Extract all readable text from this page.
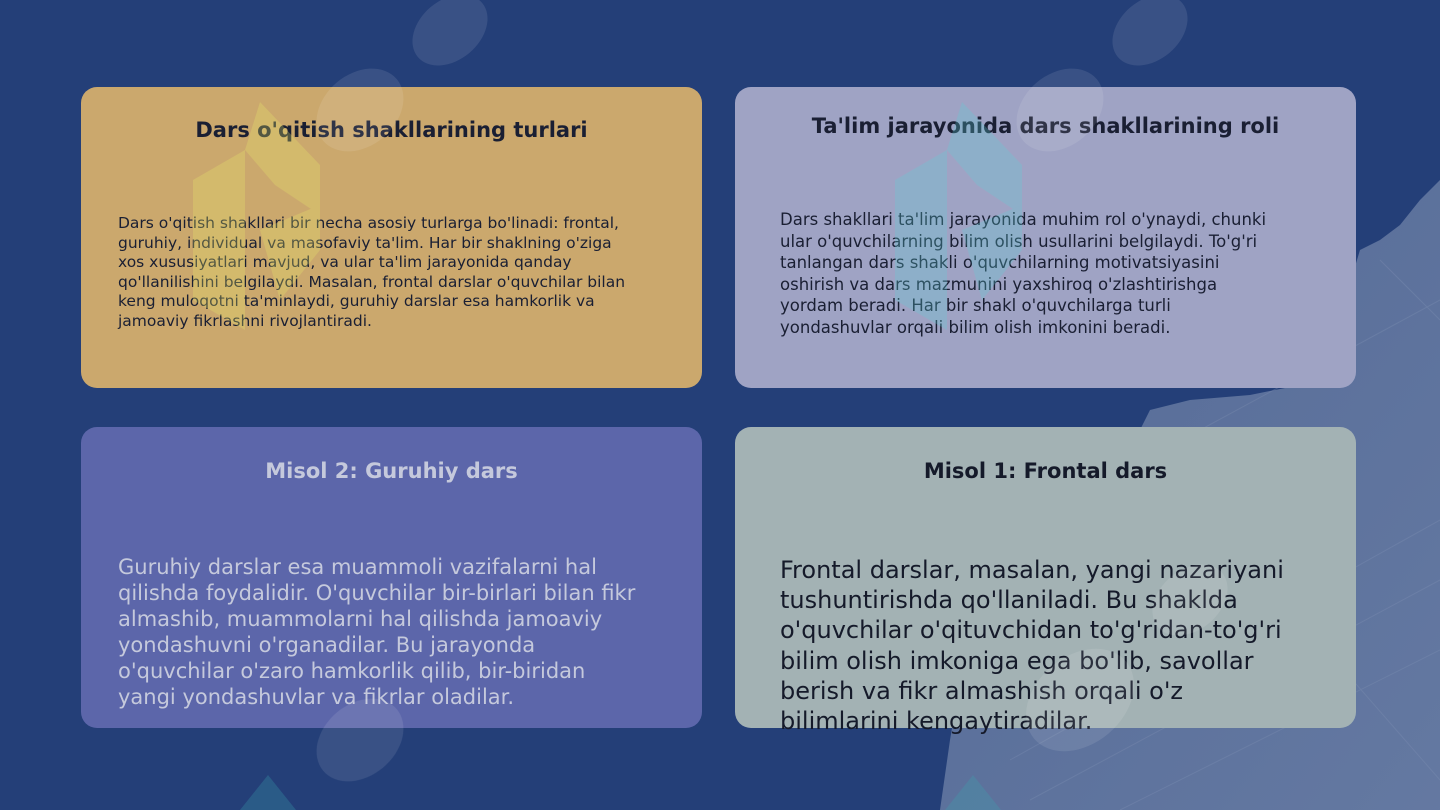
Dars o'qitish shakllarining turlari

Dars o'qitish shakllari bir necha asosiy turlarga bo'linadi: frontal,
guruhiy, individual va masofaviy ta'lim. Har bir shaklning o'ziga
xos xususiyatlari mavjud, va ular ta'lim jarayonida qanday
qo'llanilishini belgilaydi. Masalan, frontal darslar o'quvchilar bilan
keng muloqotni ta'minlaydi, guruhiy darslar esa hamkorlik va
jamoaviy fikrlashni rivojlantiradi.

Ta'lim jarayonida dars shakllarining roli

Dars shakllari ta'lim jarayonida muhim rol o'ynaydi, chunki
ular o'quvchilarning bilim olish usullarini belgilaydi. To'g'ri
tanlangan dars shakli o'quvchilarning motivatsiyasini
oshirish va dars mazmunini yaxshiroq o'zlashtirishga
yordam beradi. Har bir shakl o'quvchilarga turli
yondashuvlar orqali bilim olish imkonini beradi.

Misol 2: Guruhiy dars

Guruhiy darslar esa muammoli vazifalarni hal
qilishda foydalidir. O'quvchilar bir-birlari bilan fikr
almashib, muammolarni hal qilishda jamoaviy
yondashuvni o'rganadilar. Bu jarayonda
o'quvchilar o'zaro hamkorlik qilib, bir-biridan
yangi yondashuvlar va fikrlar oladilar.

Misol 1: Frontal dars

Frontal darslar, masalan, yangi nazariyani
tushuntirishda qo'llaniladi. Bu shaklda
o'quvchilar o'qituvchidan to'g'ridan-to'g'ri
bilim olish imkoniga ega bo'lib, savollar
berish va fikr almashish orqali o'z
bilimlarini kengaytiradilar.
